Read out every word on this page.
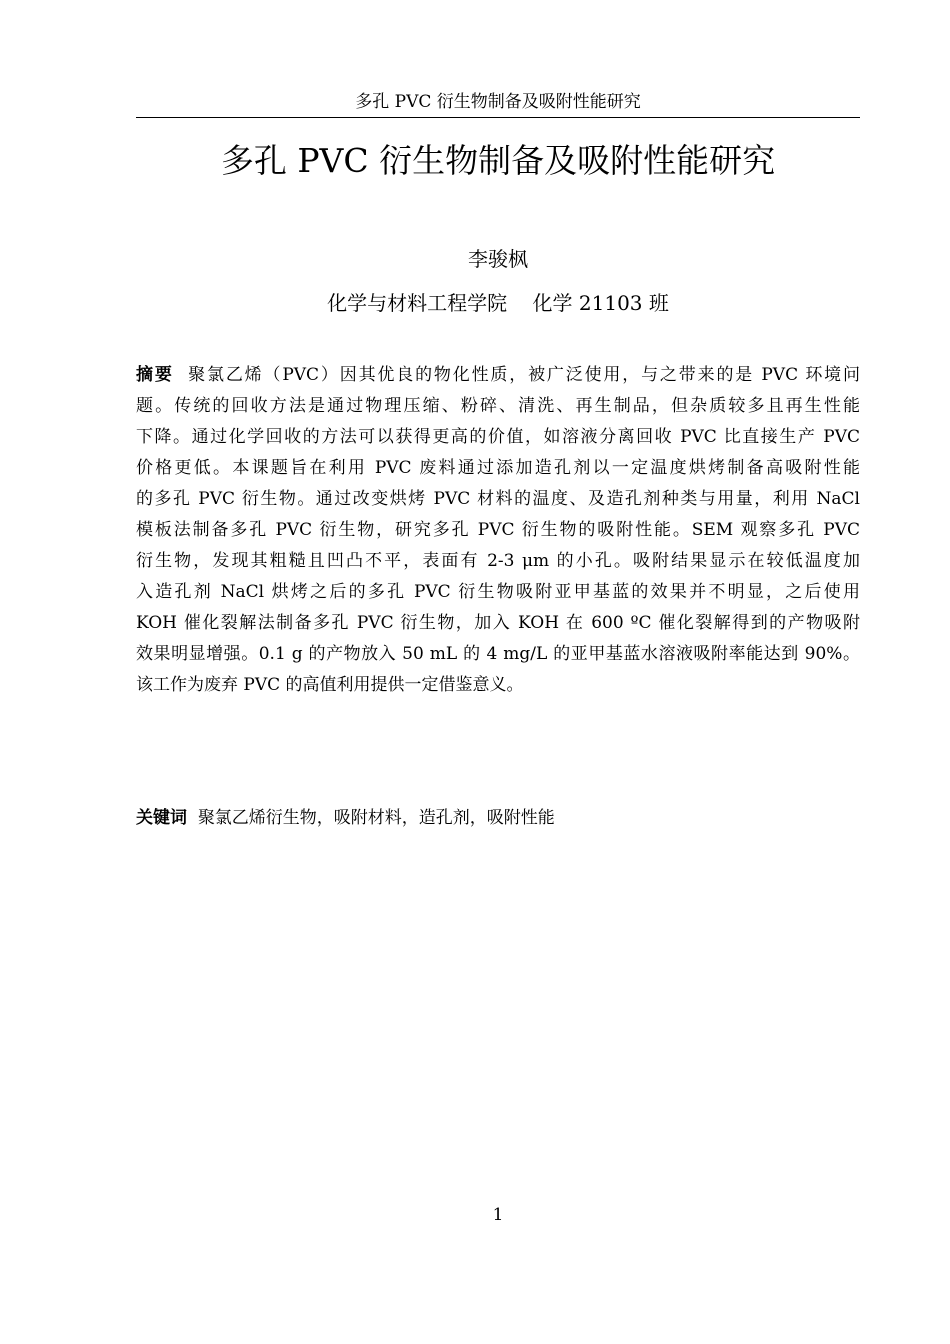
多孔 PVC 衍生物制备及吸附性能研究
多孔 PVC 衍生物制备及吸附性能研究
李骏枫
化学与材料工程学院    化学 21103 班
摘要 聚氯乙烯（PVC）因其优良的物化性质，被广泛使用，与之带来的是 PVC 环境问
题。传统的回收方法是通过物理压缩、粉碎、清洗、再生制品，但杂质较多且再生性能
下降。通过化学回收的方法可以获得更高的价值，如溶液分离回收 PVC 比直接生产 PVC
价格更低。本课题旨在利用 PVC 废料通过添加造孔剂以一定温度烘烤制备高吸附性能
的多孔 PVC 衍生物。通过改变烘烤 PVC 材料的温度、及造孔剂种类与用量，利用 NaCl
模板法制备多孔 PVC 衍生物，研究多孔 PVC 衍生物的吸附性能。SEM 观察多孔 PVC
衍生物，发现其粗糙且凹凸不平，表面有 2-3 μm 的小孔。吸附结果显示在较低温度加
入造孔剂 NaCl 烘烤之后的多孔 PVC 衍生物吸附亚甲基蓝的效果并不明显，之后使用
KOH 催化裂解法制备多孔 PVC 衍生物，加入 KOH 在 600 ºC 催化裂解得到的产物吸附
效果明显增强。0.1 g 的产物放入 50 mL 的 4 mg/L 的亚甲基蓝水溶液吸附率能达到 90%。
该工作为废弃 PVC 的高值利用提供一定借鉴意义。
关键词 聚氯乙烯衍生物，吸附材料，造孔剂，吸附性能
1
